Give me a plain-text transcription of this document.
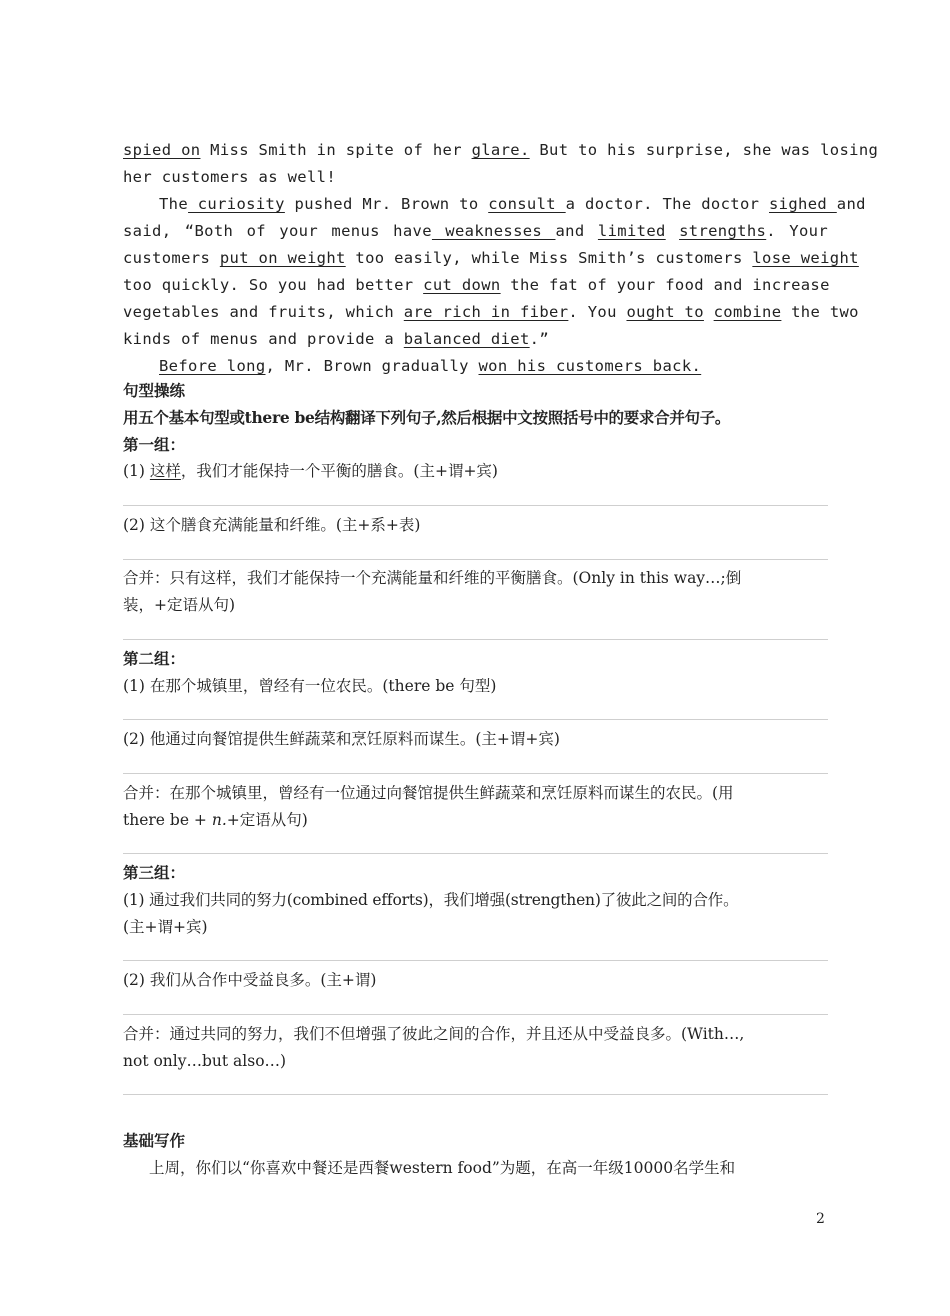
spied on Miss Smith in spite of her glare. But to his surprise, she was losing
her customers as well!
The curiosity pushed Mr. Brown to consult a doctor. The doctor sighed and
said, “Both of your menus have weaknesses and limited strengths. Your
customers put on weight too easily, while Miss Smith’s customers lose weight
too quickly. So you had better cut down the fat of your food and increase
vegetables and fruits, which are rich in fiber. You ought to combine the two
kinds of menus and provide a balanced diet.”
Before long, Mr. Brown gradually won his customers back.
句型操练
用五个基本句型或there be结构翻译下列句子,然后根据中文按照括号中的要求合并句子。
第一组：
(1) 这样，我们才能保持一个平衡的膳食。(主+谓+宾)
(2) 这个膳食充满能量和纤维。(主+系+表)
合并：只有这样，我们才能保持一个充满能量和纤维的平衡膳食。(Only in this way…;倒
装，+定语从句)
第二组：
(1) 在那个城镇里，曾经有一位农民。(there be 句型)
(2) 他通过向餐馆提供生鲜蔬菜和烹饪原料而谋生。(主+谓+宾)
合并：在那个城镇里，曾经有一位通过向餐馆提供生鲜蔬菜和烹饪原料而谋生的农民。(用
there be + n.+定语从句)
第三组：
(1) 通过我们共同的努力(combined efforts)，我们增强(strengthen)了彼此之间的合作。
(主+谓+宾)
(2) 我们从合作中受益良多。(主+谓)
合并：通过共同的努力，我们不但增强了彼此之间的合作，并且还从中受益良多。(With…,
not only…but also…)
基础写作
上周，你们以“你喜欢中餐还是西餐western food”为题，在高一年级10000名学生和
2
